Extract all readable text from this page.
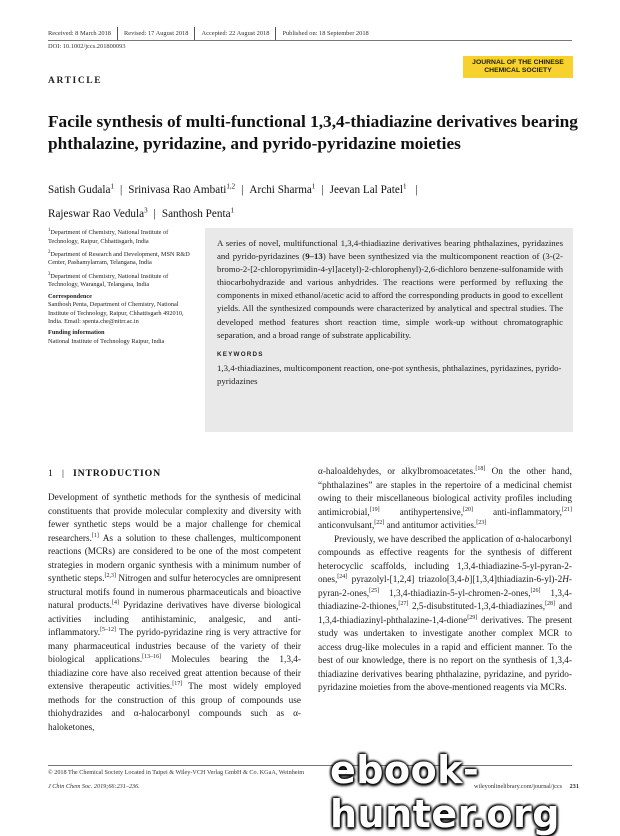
Received: 8 March 2018	Revised: 17 August 2018	Accepted: 22 August 2018	Published on: 18 September 2018
DOI: 10.1002/jccs.201800093
JOURNAL OF THE CHINESE
CHEMICAL SOCIETY
ARTICLE
Facile synthesis of multi-functional 1,3,4-thiadiazine derivatives bearing phthalazine, pyridazine, and pyrido-pyridazine moieties
Satish Gudala$^1$ | Srinivasa Rao Ambati$^{1,2}$ | Archi Sharma$^1$ | Jeevan Lal Patel$^1$ |
Rajeswar Rao Vedula$^3$ | Santhosh Penta$^1$

$^1$Department of Chemistry, National Institute of Technology, Raipur, Chhattisgarh, India

$^2$Department of Research and Development, MSN R&D Center, Pashamylarram, Telangana, India

$^3$Department of Chemistry, National Institute of Technology, Warangal, Telangana, India

Correspondence

Santhosh Penta, Department of Chemistry, National Institute of Technology, Raipur, Chhattisgarh 492010, India. Email: spenta.che@nitrr.ac.in

Funding information

National Institute of Technology Raipur, India

A series of novel, multifunctional 1,3,4-thiadiazine derivatives bearing phthalazines, pyridazines and pyrido-pyridazines (9–13) have been synthesized via the multicomponent reaction of (3-(2-bromo-2-[2-chloropyrimidin-4-yl]acetyl)-2-chlorophenyl)-2,6-dichloro benzene-sulfonamide with thiocarbohydrazide and various anhydrides. The reactions were performed by refluxing the components in mixed ethanol/acetic acid to afford the corresponding products in good to excellent yields. All the synthesized compounds were characterized by analytical and spectral studies. The developed method features short reaction time, simple work-up without chromatographic separation, and a broad range of substrate applicability.
KEYWORDS
1,3,4-thiadiazines, multicomponent reaction, one-pot synthesis, phthalazines, pyridazines, pyrido-pyridazines
1 | INTRODUCTION

Development of synthetic methods for the synthesis of medicinal constituents that provide molecular complexity and diversity with fewer synthetic steps would be a major challenge for chemical researchers.[1] As a solution to these challenges, multicomponent reactions (MCRs) are considered to be one of the most competent strategies in modern organic synthesis with a minimum number of synthetic steps.[2,3] Nitrogen and sulfur heterocycles are omnipresent structural motifs found in numerous pharmaceuticals and bioactive natural products.[4] Pyridazine derivatives have diverse biological activities including antihistaminic, analgesic, and anti-inflammatory.[5–12] The pyrido-pyridazine ring is very attractive for many pharmaceutical industries because of the variety of their biological applications.[13–16] Molecules bearing the 1,3,4-thiadiazine core have also received great attention because of their extensive therapeutic activities.[17] The most widely employed methods for the construction of this group of compounds use thiohydrazides and α-halocarbonyl compounds such as α-haloketones,

α-haloaldehydes, or alkylbromoacetates.[18] On the other hand, “phthalazines” are staples in the repertoire of a medicinal chemist owing to their miscellaneous biological activity profiles including antimicrobial,[19] antihypertensive,[20] anti-inflammatory,[21] anticonvulsant,[22] and antitumor activities.[23]

Previously, we have described the application of α-halocarbonyl compounds as effective reagents for the synthesis of different heterocyclic scaffolds, including 1,3,4-thiadiazine-5-yl-pyran-2-ones,[24] pyrazolyl-[1,2,4] triazolo[3,4-b][1,3,4]thiadiazin-6-yl)-2H-pyran-2-ones,[25] 1,3,4-thiadiazin-5-yl-chromen-2-ones,[26] 1,3,4-thiadiazine-2-thiones,[27] 2,5-disubstituted-1,3,4-thiadiazines,[28] and 1,3,4-thiadiazinyl-phthalazine-1,4-dione[29] derivatives. The present study was undertaken to investigate another complex MCR to access drug-like molecules in a rapid and efficient manner. To the best of our knowledge, there is no report on the synthesis of 1,3,4-thiadiazine derivatives bearing phthalazine, pyridazine, and pyrido-pyridazine moieties from the above-mentioned reagents via MCRs.

© 2018 The Chemical Society Located in Taipei & Wiley-VCH Verlag GmbH & Co. KGaA, Weinheim
J Chin Chem Soc. 2019;66:231–236.	wileyonlinelibrary.com/journal/jccs 231
ebook-hunter.org
